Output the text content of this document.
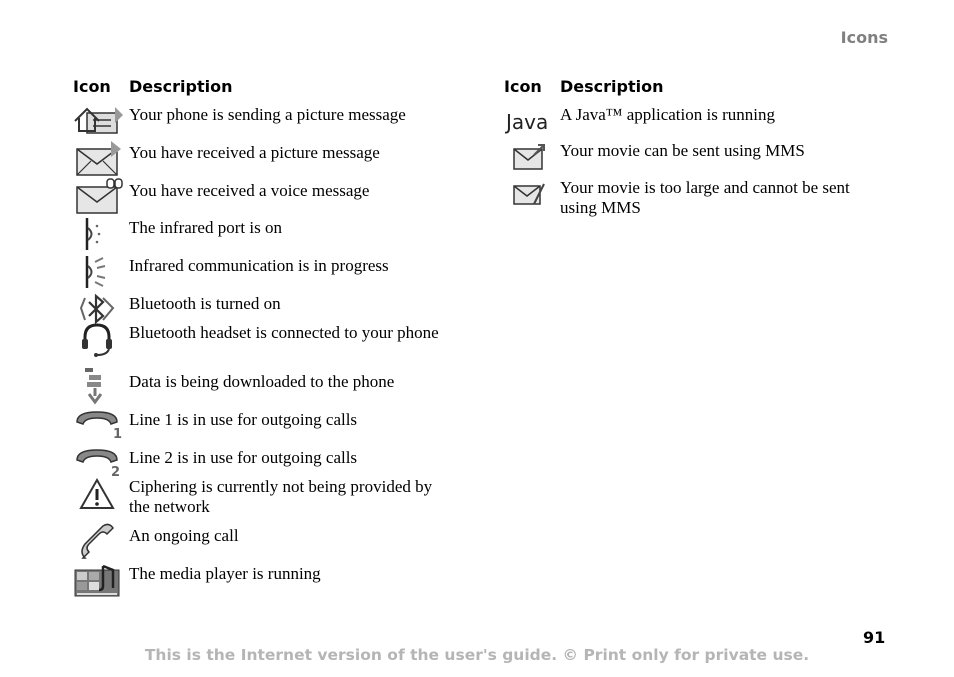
Icons
Icon	Description
Your phone is sending a picture message
You have received a picture message
You have received a voice message
The infrared port is on
Infrared communication is in progress
Bluetooth is turned on
Bluetooth headset is connected to your phone
Data is being downloaded to the phone
1
Line 1 is in use for outgoing calls
2
Line 2 is in use for outgoing calls
Ciphering is currently not being provided by the network
An ongoing call
The media player is running
Icon	Description
Java A Java™ application is running
Your movie can be sent using MMS
Your movie is too large and cannot be sent using MMS
91
This is the Internet version of the user's guide. © Print only for private use.
